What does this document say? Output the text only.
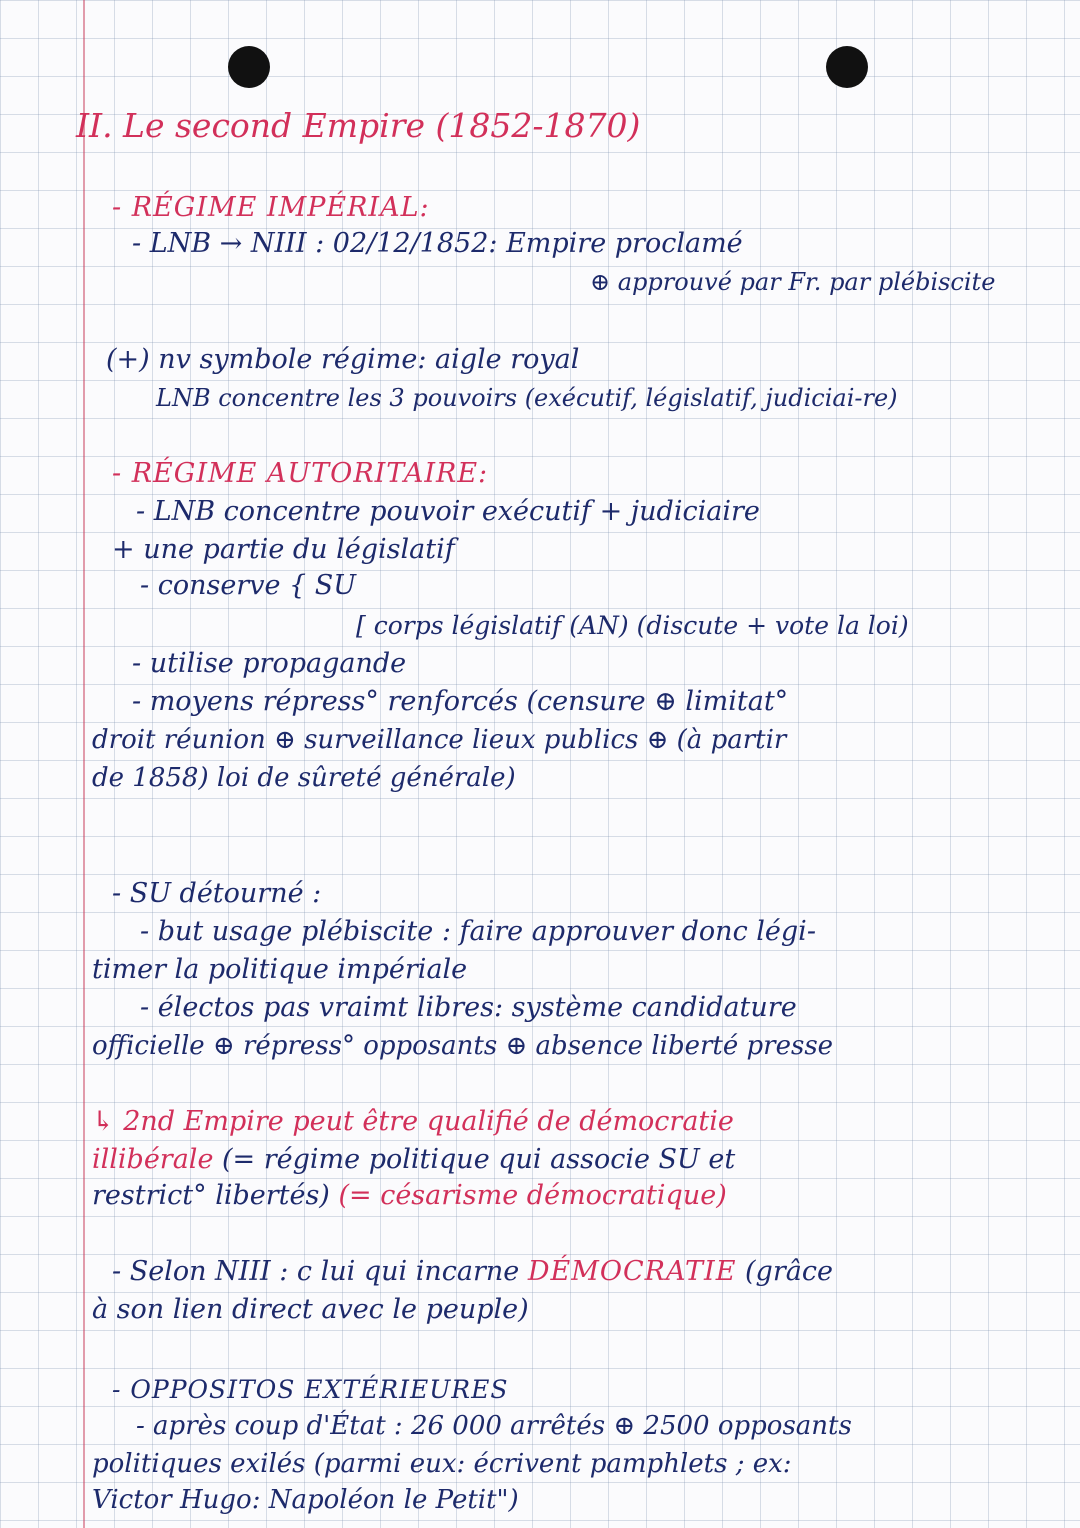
II. Le second Empire (1852-1870)
- RÉGIME IMPÉRIAL:
- LNB → NIII : 02/12/1852: Empire proclamé
⊕ approuvé par Fr. par plébiscite
(+) nv symbole régime: aigle royal
LNB concentre les 3 pouvoirs (exécutif, législatif, judiciai-re)
- RÉGIME AUTORITAIRE:
- LNB concentre pouvoir exécutif + judiciaire
+ une partie du législatif
- conserve { SU
[ corps législatif (AN) (discute + vote la loi)
- utilise propagande
- moyens répress° renforcés (censure ⊕ limitat°
droit réunion ⊕ surveillance lieux publics ⊕ (à partir
de 1858) loi de sûreté générale)
- SU détourné :
- but usage plébiscite : faire approuver donc légi-
timer la politique impériale
- électos pas vraimt libres: système candidature
officielle ⊕ répress° opposants ⊕ absence liberté presse
↳ 2nd Empire peut être qualifié de démocratie
illibérale (= régime politique qui associe SU et
restrict° libertés) (= césarisme démocratique)
- Selon NIII : c lui qui incarne DÉMOCRATIE (grâce
à son lien direct avec le peuple)
- OPPOSITOS EXTÉRIEURES
- après coup d'État : 26 000 arrêtés ⊕ 2500 opposants
politiques exilés (parmi eux: écrivent pamphlets ; ex:
Victor Hugo: Napoléon le Petit")
